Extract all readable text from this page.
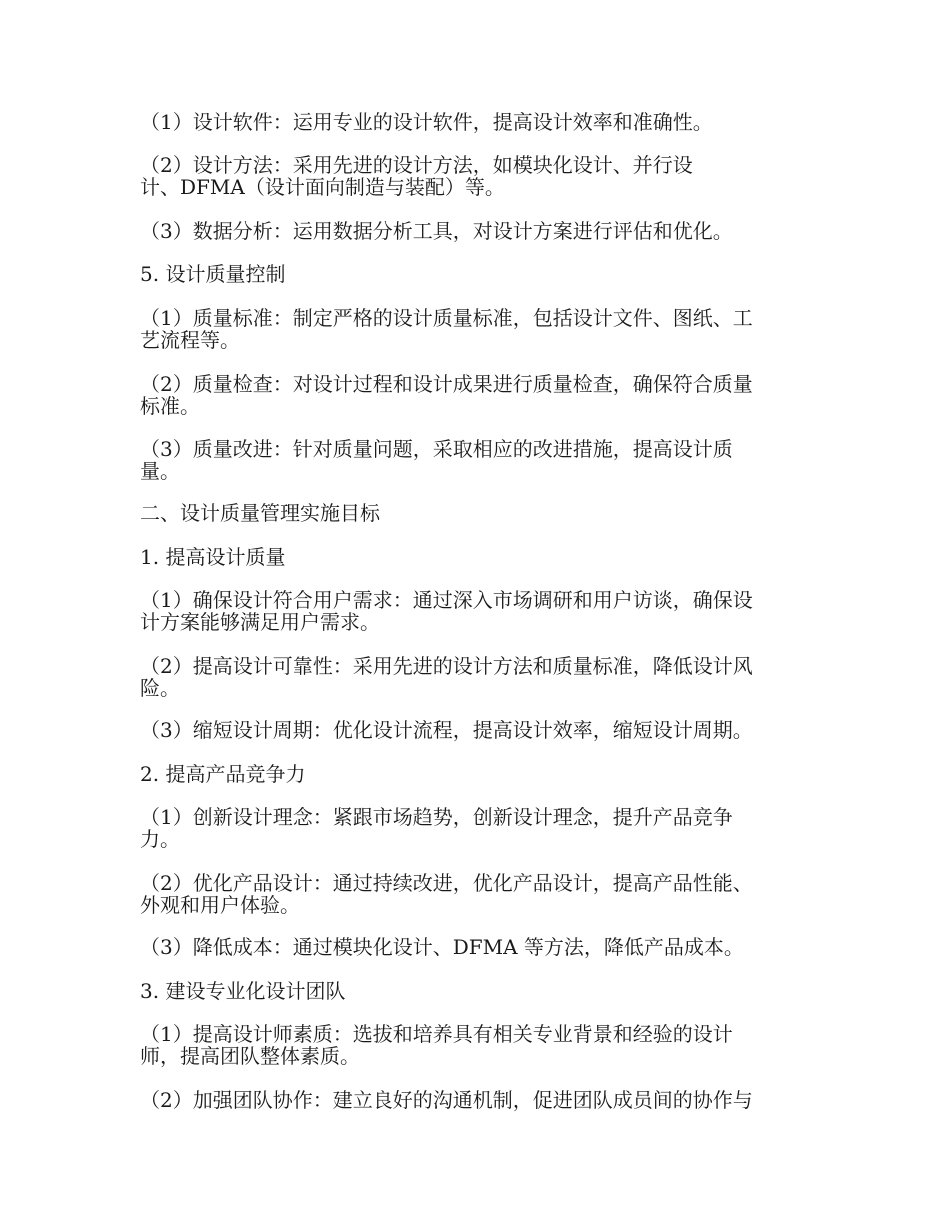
（1）设计软件：运用专业的设计软件，提高设计效率和准确性。

（2）设计方法：采用先进的设计方法，如模块化设计、并行设
计、DFMA（设计面向制造与装配）等。

（3）数据分析：运用数据分析工具，对设计方案进行评估和优化。

5. 设计质量控制

（1）质量标准：制定严格的设计质量标准，包括设计文件、图纸、工
艺流程等。

（2）质量检查：对设计过程和设计成果进行质量检查，确保符合质量
标准。

（3）质量改进：针对质量问题，采取相应的改进措施，提高设计质
量。

二、设计质量管理实施目标

1. 提高设计质量

（1）确保设计符合用户需求：通过深入市场调研和用户访谈，确保设
计方案能够满足用户需求。

（2）提高设计可靠性：采用先进的设计方法和质量标准，降低设计风
险。

（3）缩短设计周期：优化设计流程，提高设计效率，缩短设计周期。

2. 提高产品竞争力

（1）创新设计理念：紧跟市场趋势，创新设计理念，提升产品竞争
力。

（2）优化产品设计：通过持续改进，优化产品设计，提高产品性能、
外观和用户体验。

（3）降低成本：通过模块化设计、DFMA 等方法，降低产品成本。

3. 建设专业化设计团队

（1）提高设计师素质：选拔和培养具有相关专业背景和经验的设计
师，提高团队整体素质。

（2）加强团队协作：建立良好的沟通机制，促进团队成员间的协作与
